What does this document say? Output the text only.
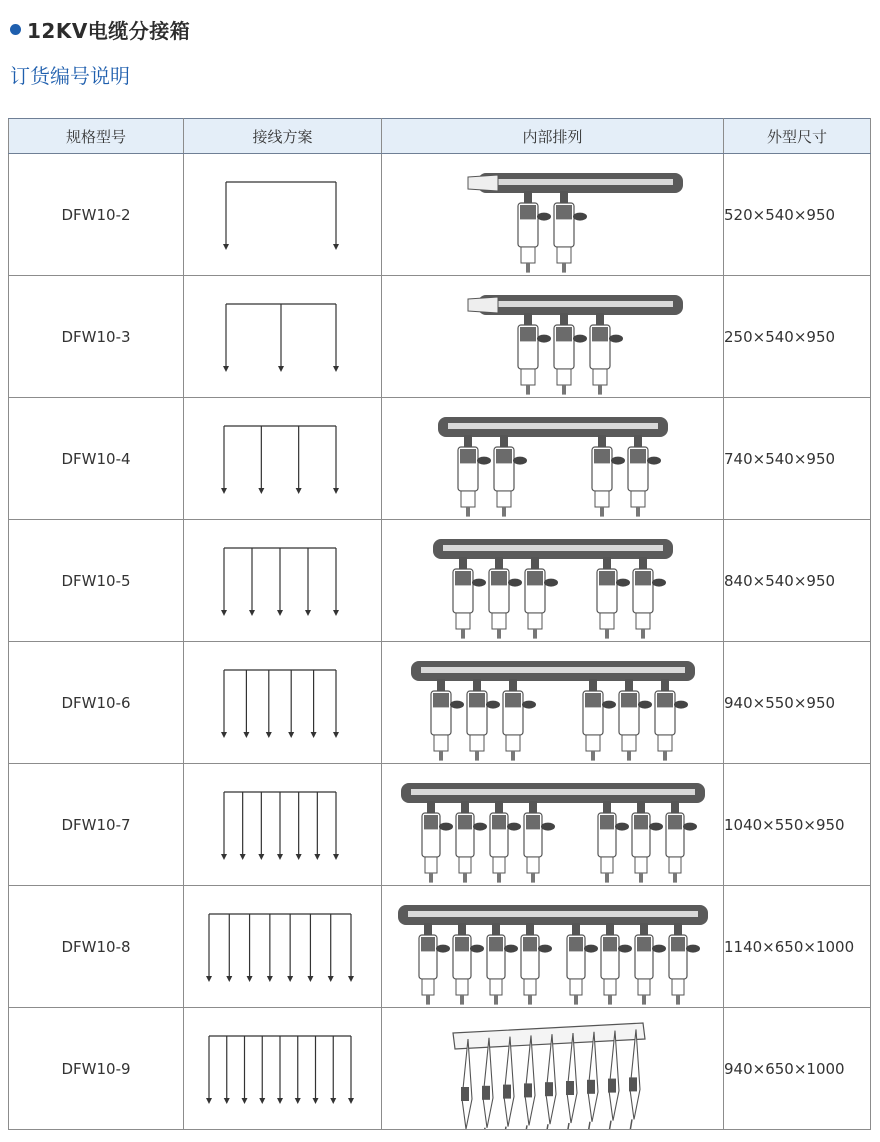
12KV电缆分接箱
订货编号说明
规格型号	接线方案	内部排列	外型尺寸
DFW10-2			520×540×950
DFW10-3			250×540×950
DFW10-4			740×540×950
DFW10-5			840×540×950
DFW10-6			940×550×950
DFW10-7			1040×550×950
DFW10-8			1140×650×1000
DFW10-9			940×650×1000
